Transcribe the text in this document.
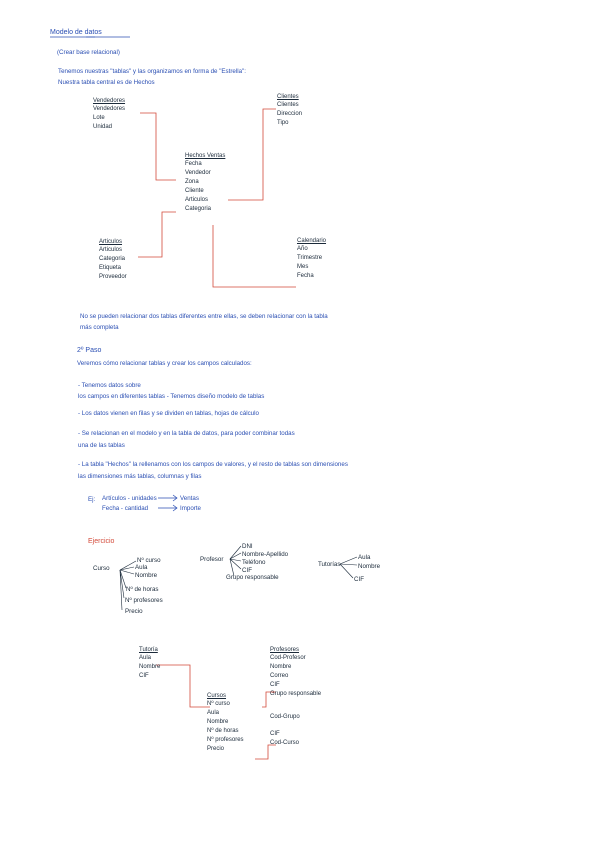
Modelo de datos
(Crear base relacional)
Tenemos nuestras "tablas" y las organizamos en forma de "Estrella":
Nuestra tabla central es de Hechos
Vendedores
Vendedores
Lote
Unidad
Clientes
Clientes
Direccion
Tipo
Hechos Ventas
Fecha
Vendedor
Zona
Cliente
Articulos
Categoria
Articulos
Articulos
Categoria
Etiqueta
Proveedor
Calendario
Año
Trimestre
Mes
Fecha
No se pueden relacionar dos tablas diferentes entre ellas, se deben relacionar con la tabla
más completa
2º Paso
Veremos cómo relacionar tablas y crear los campos calculados:
- Tenemos datos sobre
los campos en diferentes tablas - Tenemos diseño modelo de tablas
- Los datos vienen en filas y se dividen en tablas, hojas de cálculo
- Se relacionan en el modelo y en la tabla de datos, para poder combinar todas
una de las tablas
- La tabla "Hechos" la rellenamos con los campos de valores, y el resto de tablas son dimensiones
las dimensiones más tablas, columnas y filas
Ej: Artículos - unidades	Ventas
Fecha - cantidad	Importe
Ejercicio
Curso
Nº curso
Aula
Nombre
Nº de horas
Nº profesores
Precio
Profesor
DNI
Nombre-Apellido
Teléfono
CIF
Grupo responsable
Tutorías
Aula
Nombre
CIF
Tutoría
Aula
Nombre
CIF
Profesores
Cod-Profesor
Nombre
Correo
CIF
Grupo responsable
Cod-Grupo
CIF
Cod-Curso
Cursos
Nº curso
Aula
Nombre
Nº de horas
Nº profesores
Precio
